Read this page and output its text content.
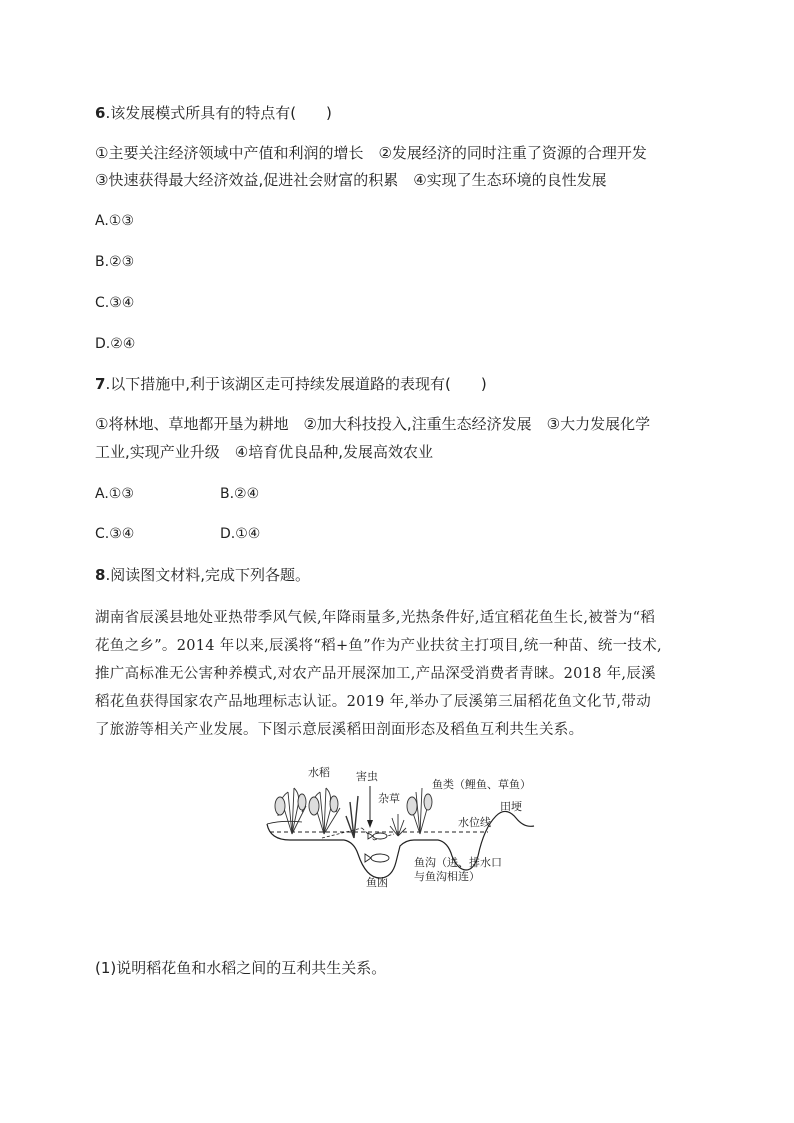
6.该发展模式所具有的特点有(　　)
①主要关注经济领域中产值和利润的增长　②发展经济的同时注重了资源的合理开发
③快速获得最大经济效益,促进社会财富的积累　④实现了生态环境的良性发展
A.①③
B.②③
C.③④
D.②④
7.以下措施中,利于该湖区走可持续发展道路的表现有(　　)
①将林地、草地都开垦为耕地　②加大科技投入,注重生态经济发展　③大力发展化学
工业,实现产业升级　④培育优良品种,发展高效农业
A.①③	B.②④
C.③④	D.①④
8.阅读图文材料,完成下列各题。
湖南省辰溪县地处亚热带季风气候,年降雨量多,光热条件好,适宜稻花鱼生长,被誉为“稻
花鱼之乡”。2014 年以来,辰溪将“稻+鱼”作为产业扶贫主打项目,统一种苗、统一技术,
推广高标准无公害种养模式,对农产品开展深加工,产品深受消费者青睐。2018 年,辰溪
稻花鱼获得国家农产品地理标志认证。2019 年,举办了辰溪第三届稻花鱼文化节,带动
了旅游等相关产业发展。下图示意辰溪稻田剖面形态及稻鱼互利共生关系。
水稻 害虫
杂草
鱼类（鲤鱼、草鱼）
田埂
水位线
鱼凼
鱼沟（进、排水口
与鱼沟相连）
(1)说明稻花鱼和水稻之间的互利共生关系。
